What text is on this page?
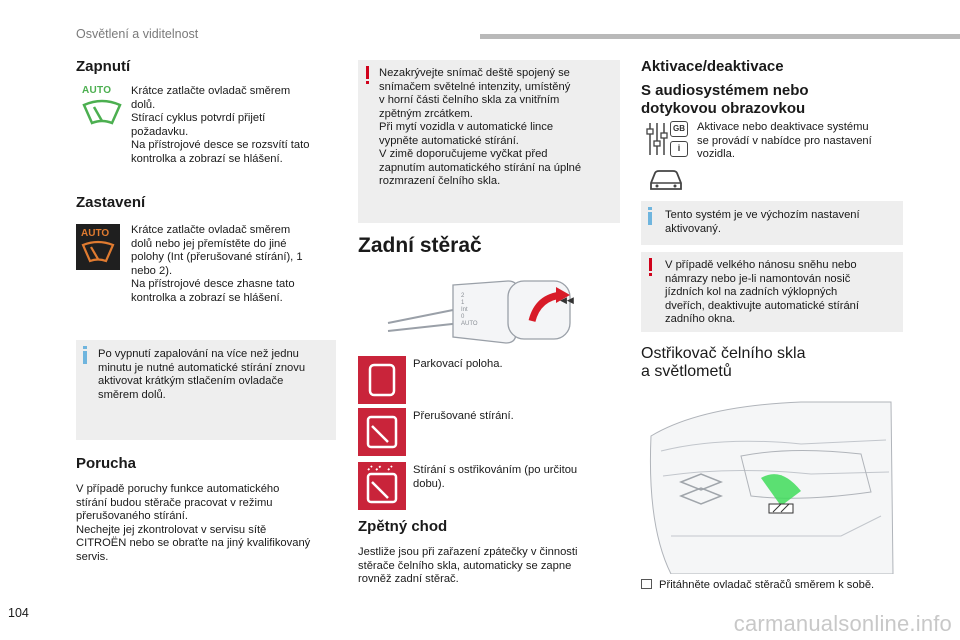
Osvětlení a viditelnost
Zapnutí
AUTO Krátce zatlačte ovladač směrem
dolů.
Stírací cyklus potvrdí přijetí
požadavku.
Na přístrojové desce se rozsvítí tato
kontrolka a zobrazí se hlášení.
Zastavení
AUTO Krátce zatlačte ovladač směrem
dolů nebo jej přemístěte do jiné
polohy (Int (přerušované stírání), 1
nebo 2).
Na přístrojové desce zhasne tato
kontrolka a zobrazí se hlášení.
Po vypnutí zapalování na více než jednu
minutu je nutné automatické stírání znovu
aktivovat krátkým stlačením ovladače
směrem dolů.
Porucha
V případě poruchy funkce automatického
stírání budou stěrače pracovat v režimu
přerušovaného stírání.
Nechejte jej zkontrolovat v servisu sítě
CITROËN nebo se obraťte na jiný kvalifikovaný
servis.
Nezakrývejte snímač deště spojený se
snímačem světelné intenzity, umístěný
v horní části čelního skla za vnitřním
zpětným zrcátkem.
Při mytí vozidla v automatické lince
vypněte automatické stírání.
V zimě doporučujeme vyčkat před
zapnutím automatického stírání na úplné
rozmrazení čelního skla.
Zadní stěrač
◀◀
2
1
Int
0
AUTO
Parkovací poloha.
Přerušované stírání.
Stírání s ostřikováním (po určitou
dobu).
Zpětný chod
Jestliže jsou při zařazení zpátečky v činnosti
stěrače čelního skla, automaticky se zapne
rovněž zadní stěrač.
Aktivace/deaktivace
S audiosystémem nebo
dotykovou obrazovkou
GB
i
Aktivace nebo deaktivace systému
se provádí v nabídce pro nastavení
vozidla.
Tento systém je ve výchozím nastavení
aktivovaný.
V případě velkého nánosu sněhu nebo
námrazy nebo je-li namontován nosič
jízdních kol na zadních výklopných
dveřích, deaktivujte automatické stírání
zadního okna.
Ostřikovač čelního skla
a světlometů
Přitáhněte ovladač stěračů směrem k sobě.
104	carmanualsonline.info
